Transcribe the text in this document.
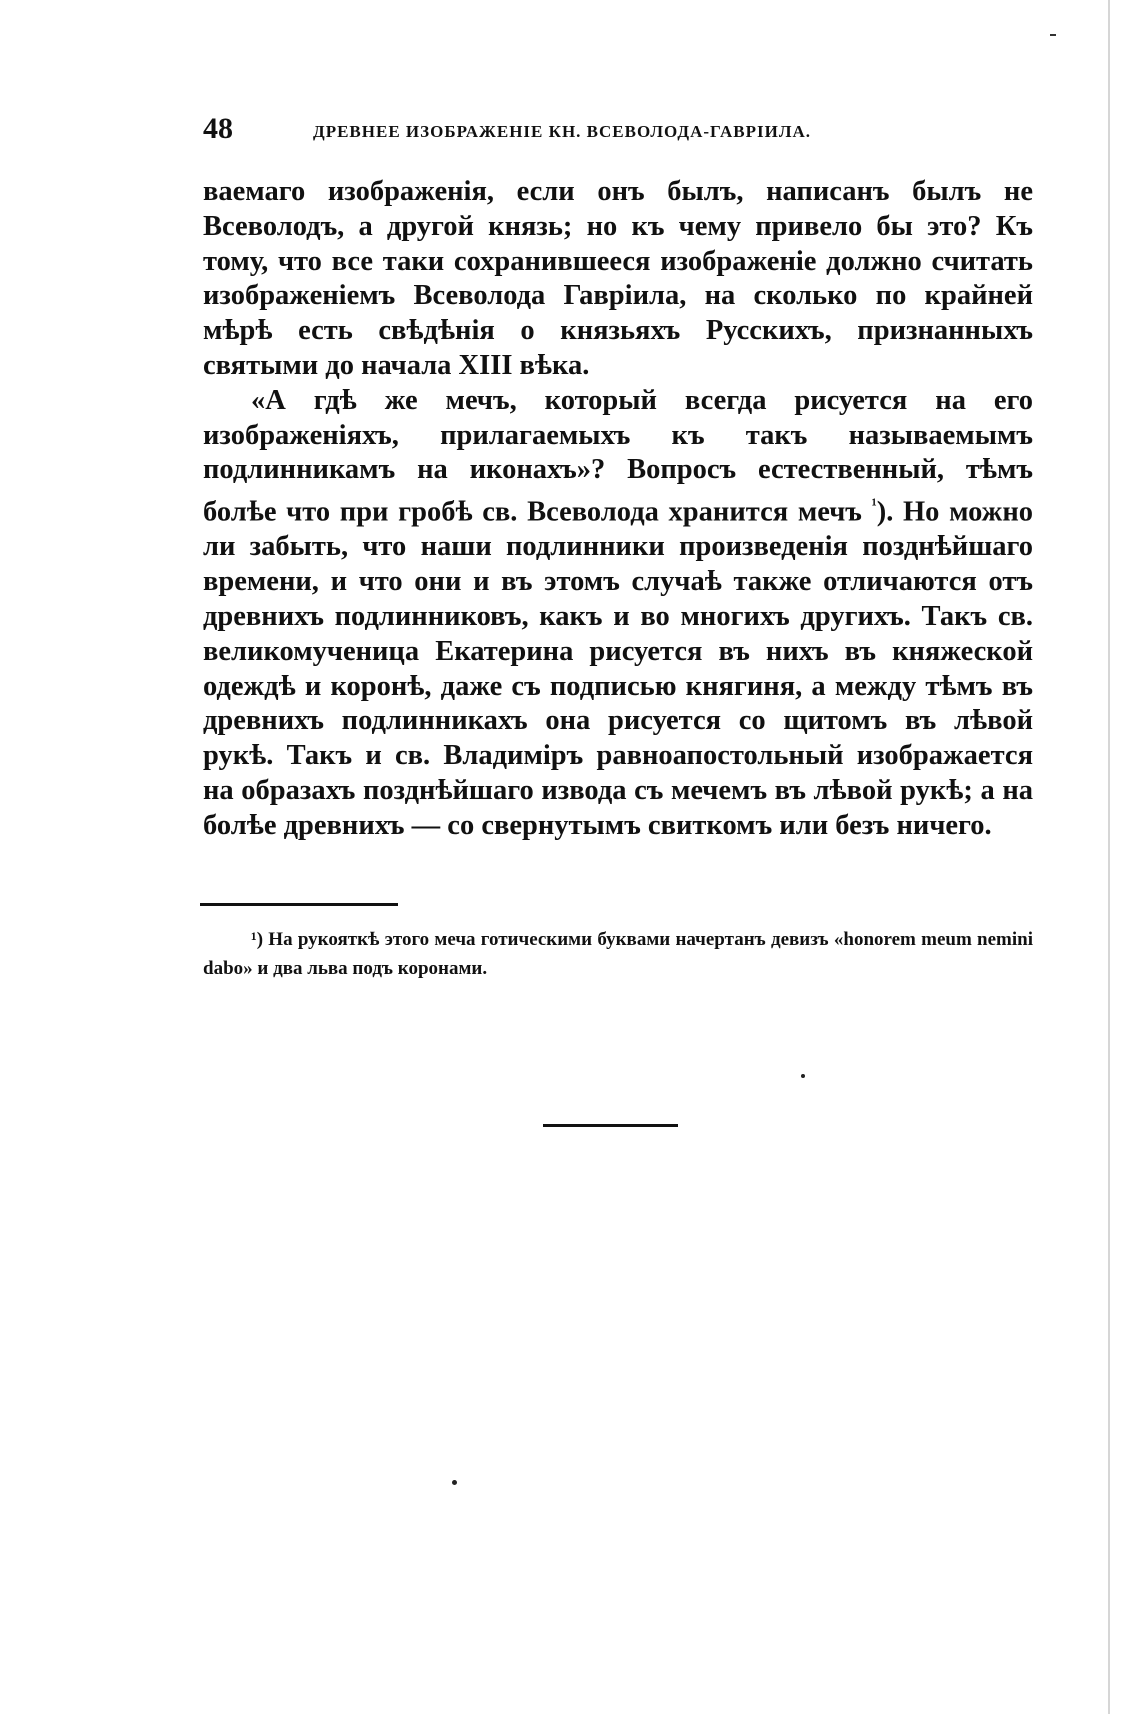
48	ДРЕВНЕЕ ИЗОБРАЖЕНІЕ КН. ВСЕВОЛОДА-ГАВРІИЛА.

ваемаго изображенія, если онъ былъ, написанъ былъ не Всеволодъ, а другой князь; но къ чему привело бы это? Къ тому, что все таки сохранившееся изображеніе должно считать изображеніемъ Всеволода Гавріила, на сколько по крайней мѣрѣ есть свѣдѣнія о князьяхъ Русскихъ, признанныхъ святыми до начала XIII вѣка.

«А гдѣ же мечъ, который всегда рисуется на его изображеніяхъ, прилагаемыхъ къ такъ называемымъ подлинникамъ на иконахъ»? Вопросъ естественный, тѣмъ болѣе что при гробѣ св. Всеволода хранится мечъ $^{^1}$). Но можно ли забыть, что наши подлинники произведенія позднѣйшаго времени, и что они и въ этомъ случаѣ также отличаются отъ древнихъ подлинниковъ, какъ и во многихъ другихъ. Такъ св. великомученица Екатерина рисуется въ нихъ въ княжеской одеждѣ и коронѣ, даже съ подписью княгиня, а между тѣмъ въ древнихъ подлинникахъ она рисуется со щитомъ въ лѣвой рукѣ. Такъ и св. Владиміръ равноапостольный изображается на образахъ позднѣйшаго извода съ мечемъ въ лѣвой рукѣ; а на болѣе древнихъ — со свернутымъ свиткомъ или безъ ничего.

¹) На рукояткѣ этого меча готическими буквами начертанъ девизъ «honorem meum nemini dabo» и два льва подъ коронами.
